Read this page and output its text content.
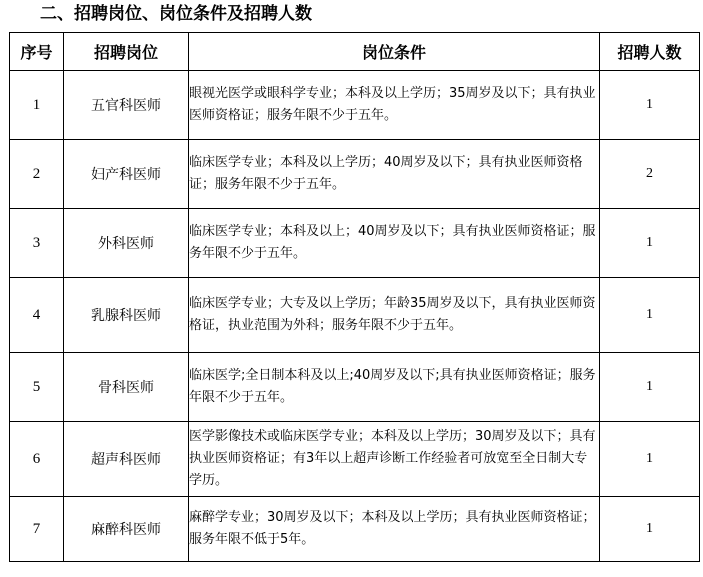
二、招聘岗位、岗位条件及招聘人数
序号	招聘岗位	岗位条件	招聘人数
1	五官科医师	眼视光医学或眼科学专业；本科及以上学历；35周岁及以下；具有执业医师资格证；服务年限不少于五年。	1
2	妇产科医师	临床医学专业；本科及以上学历；40周岁及以下；具有执业医师资格证；服务年限不少于五年。	2
3	外科医师	临床医学专业；本科及以上；40周岁及以下；具有执业医师资格证；服务年限不少于五年。	1
4	乳腺科医师	临床医学专业；大专及以上学历；年龄35周岁及以下，具有执业医师资格证，执业范围为外科；服务年限不少于五年。	1
5	骨科医师	临床医学;全日制本科及以上;40周岁及以下;具有执业医师资格证；服务年限不少于五年。	1
6	超声科医师	医学影像技术或临床医学专业；本科及以上学历；30周岁及以下；具有执业医师资格证；有3年以上超声诊断工作经验者可放宽至全日制大专学历。	1
7	麻醉科医师	麻醉学专业；30周岁及以下；本科及以上学历；具有执业医师资格证；服务年限不低于5年。	1
